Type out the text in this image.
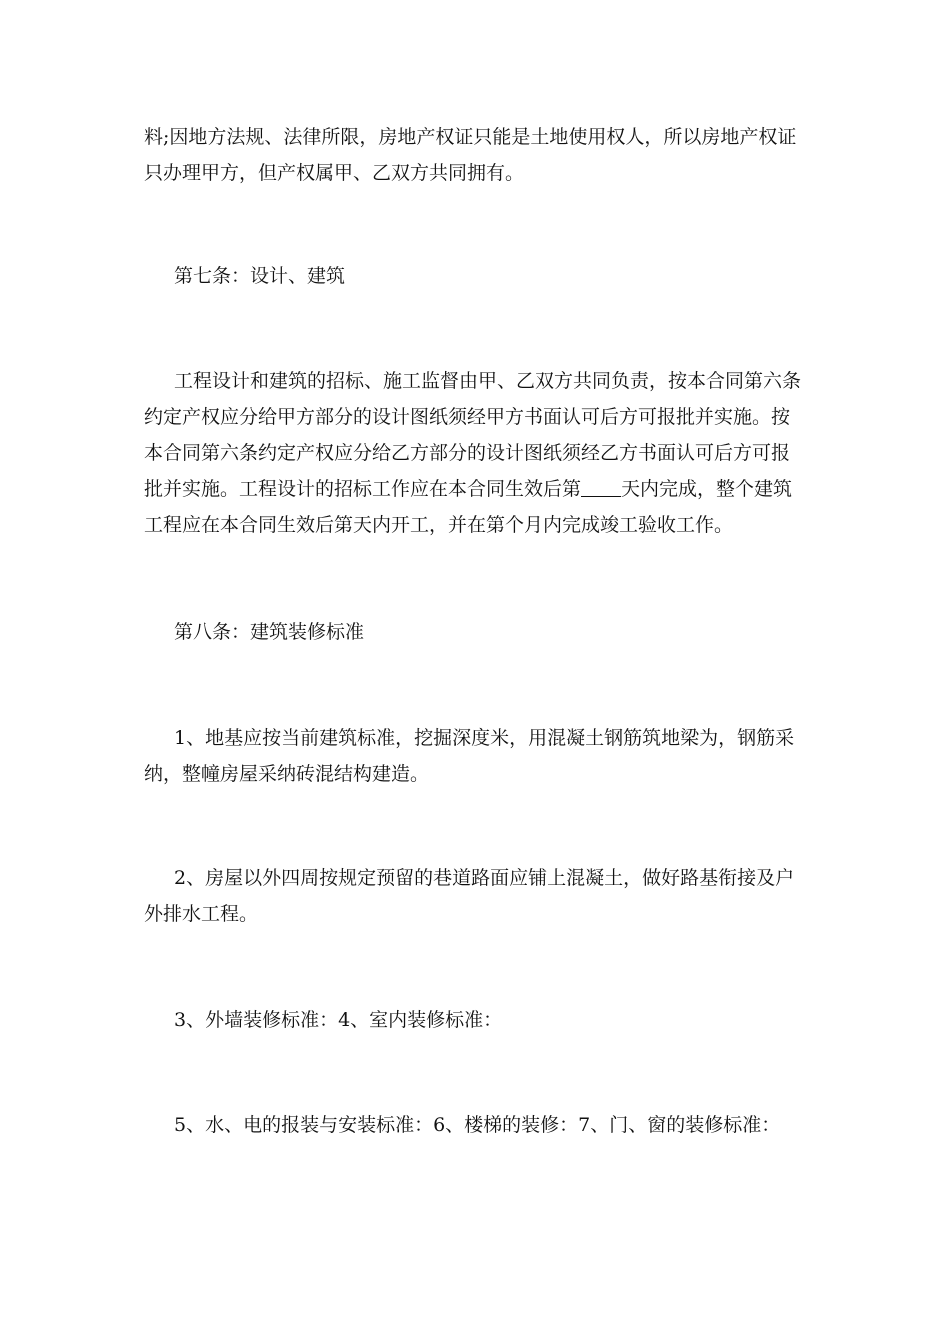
料;因地方法规、法律所限，房地产权证只能是土地使用权人，所以房地产权证
只办理甲方，但产权属甲、乙双方共同拥有。
第七条：设计、建筑
工程设计和建筑的招标、施工监督由甲、乙双方共同负责，按本合同第六条
约定产权应分给甲方部分的设计图纸须经甲方书面认可后方可报批并实施。按
本合同第六条约定产权应分给乙方部分的设计图纸须经乙方书面认可后方可报
批并实施。工程设计的招标工作应在本合同生效后第 天内完成，整个建筑
工程应在本合同生效后第天内开工，并在第个月内完成竣工验收工作。
第八条：建筑装修标准
1、地基应按当前建筑标准，挖掘深度米，用混凝土钢筋筑地梁为，钢筋采
纳，整幢房屋采纳砖混结构建造。
2、房屋以外四周按规定预留的巷道路面应铺上混凝土，做好路基衔接及户
外排水工程。
3、外墙装修标准：4、室内装修标准：
5、水、电的报装与安装标准：6、楼梯的装修：7、门、窗的装修标准：
